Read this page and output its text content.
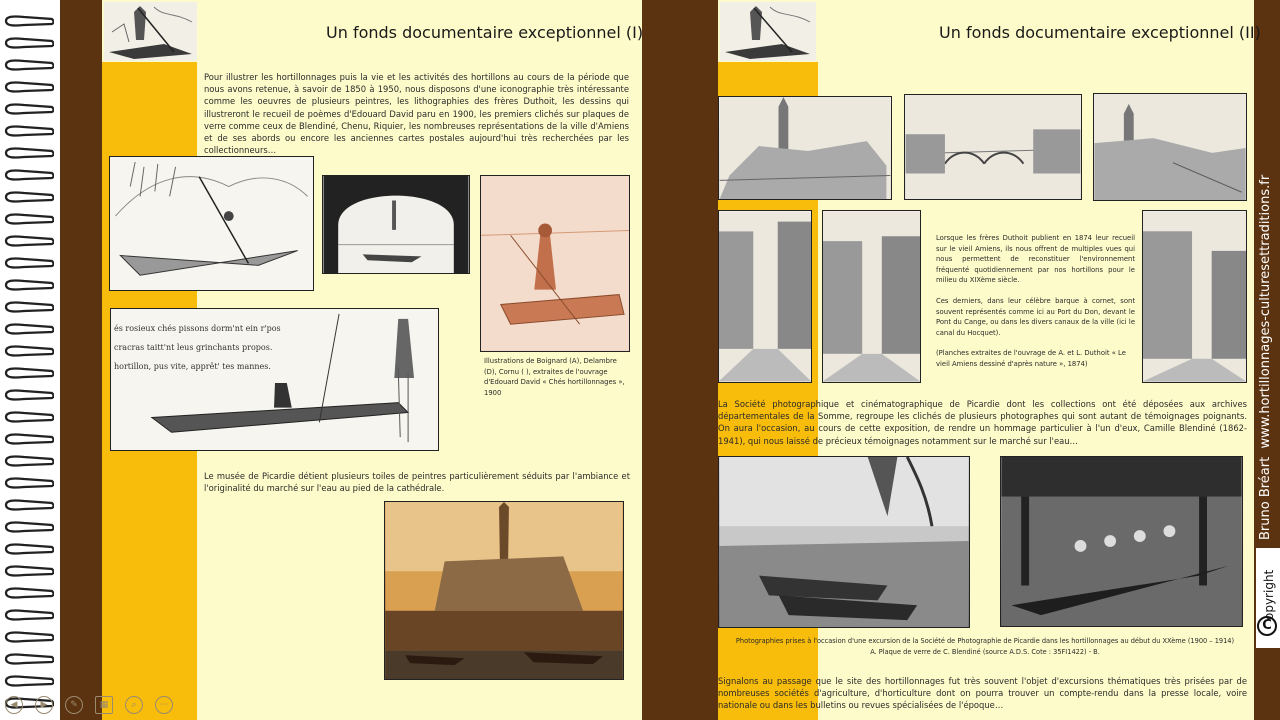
Un fonds documentaire exceptionnel (I)
Pour illustrer les hortillonnages puis la vie et les activités des hortillons au cours de la période que nous avons retenue, à savoir de 1850 à 1950, nous disposons d'une iconographie très intéressante comme les oeuvres de plusieurs peintres, les lithographies des frères Duthoit, les dessins qui illustreront le recueil de poèmes d'Edouard David paru en 1900, les premiers clichés sur plaques de verre comme ceux de Blendiné, Chenu, Riquier, les nombreuses représentations de la ville d'Amiens et de ses abords ou encore les anciennes cartes postales aujourd'hui très recherchées par les collectionneurs…
és rosieux chés pissons dorm'nt ein r'pos
cracras taitt'nt leus grinchants propos.
hortillon, pus vite, apprêt' tes mannes.
Illustrations de Boignard (A), Delambre (D), Cornu ( ), extraites de l'ouvrage d'Edouard David « Chés hortillonnages », 1900
Le musée de Picardie détient plusieurs toiles de peintres particulièrement séduits par l'ambiance et l'originalité du marché sur l'eau au pied de la cathédrale.
Un fonds documentaire exceptionnel (II)
Lorsque les frères Duthoit publient en 1874 leur recueil sur le vieil Amiens, ils nous offrent de multiples vues qui nous permettent de reconstituer l'environnement fréquenté quotidiennement par nos hortillons pour le milieu du XIXème siècle.
Ces derniers, dans leur célèbre barque à cornet, sont souvent représentés comme ici au Port du Don, devant le Pont du Cange, ou dans les divers canaux de la ville (ici le canal du Hocquet).
(Planches extraites de l'ouvrage de A. et L. Duthoit « Le vieil Amiens dessiné d'après nature », 1874)
La Société photographique et cinématographique de Picardie dont les collections ont été déposées aux archives départementales de la Somme, regroupe les clichés de plusieurs photographes qui sont autant de témoignages poignants. On aura l'occasion, au cours de cette exposition, de rendre un hommage particulier à l'un d'eux, Camille Blendiné (1862-1941), qui nous laissé de précieux témoignages notamment sur le marché sur l'eau…
Photographies prises à l'occasion d'une excursion de la Société de Photographie de Picardie dans les hortillonnages au début du XXème (1900 – 1914)
A. Plaque de verre de C. Blendiné (source A.D.S. Cote : 35FI1422) - B.
Signalons au passage que le site des hortillonnages fut très souvent l'objet d'excursions thématiques très prisées par de nombreuses sociétés d'agriculture, d'horticulture dont on pourra trouver un compte-rendu dans la presse locale, voire nationale ou dans les bulletins ou revues spécialisées de l'époque…
Bruno Bréart  www.hortillonnages-culturesettraditions.fr
opyright
C
◀	▶	✎	▦	⌕	⋯
